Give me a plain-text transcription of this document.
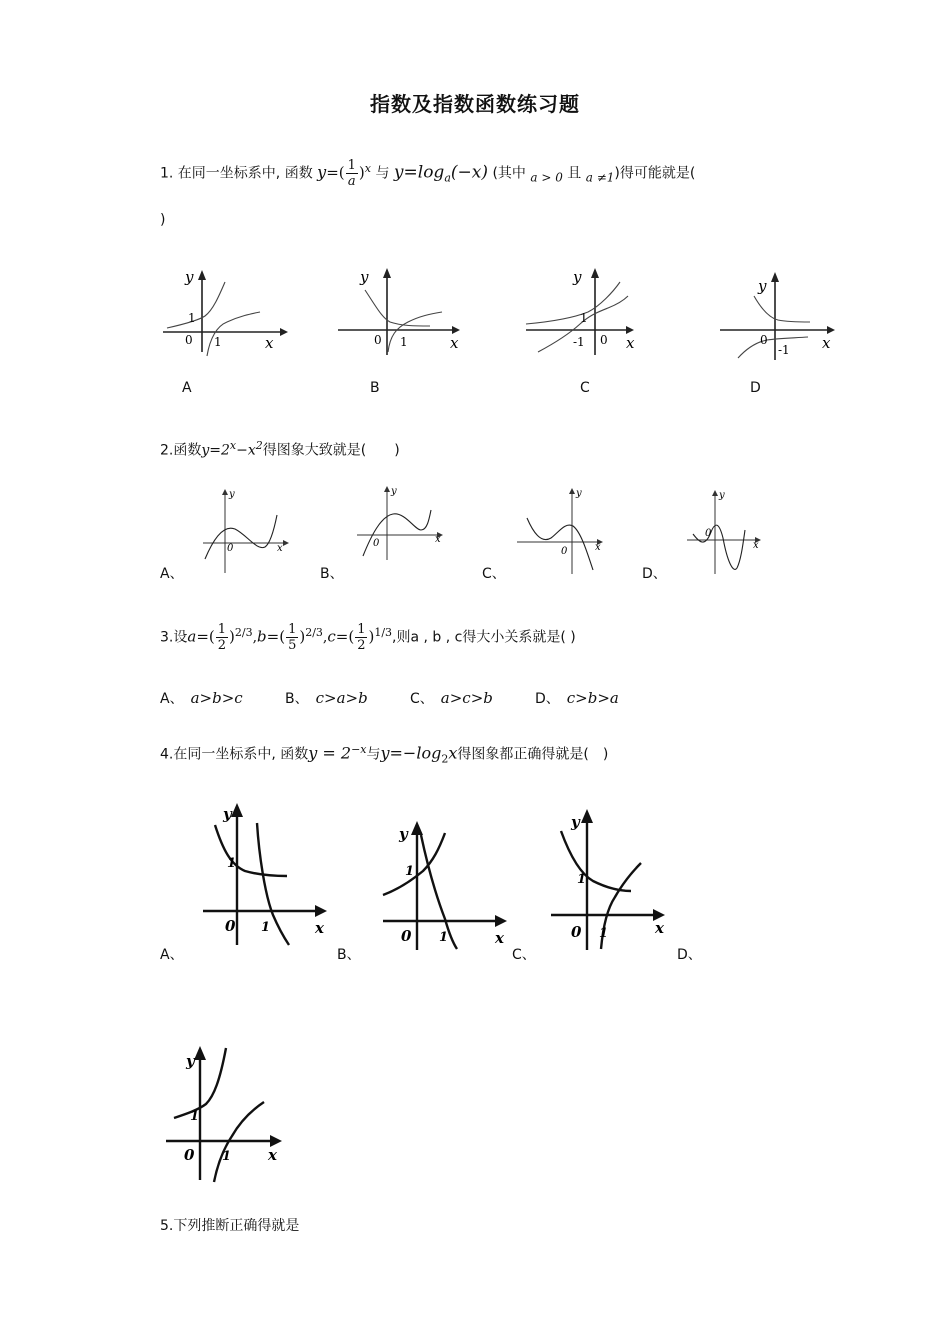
指数及指数函数练习题
1. 在同一坐标系中, 函数 $y=( \frac{1}{a} )^x$ 与 $y=\log_a(-x)$ (其中 $_{a > 0}$ 且 $_{a \ne 1}$)得可能就是(
)
y
x
1
0 1
A
y
x
0 1
B
y
x
1
-1 0
C
y
x
0
-1
D
2.函数$y=2^x-x^2$得图象大致就是(　　)
A、
y
x
0
B、
y
x
0
C、
y
x
0
D、
y
x
0
3.设$a=( \frac{1}{2} )^{2/3},b=( \frac{1}{5} )^{2/3},c=( \frac{1}{2} )^{1/3}$,则a , b , c得大小关系就是( )
A、　 a>b>c	B、　 c>a>b	C、　 a>c>b	D、　 c>b>a
4.在同一坐标系中, 函数$y = 2^{-x}$与$y=-\log_2x$得图象都正确得就是(　)
A、
y
x
0
1
1
B、
y
x
0
1
1
C、
y
x
0
1
1
D、
y
x
0
1
1
5.下列推断正确得就是
